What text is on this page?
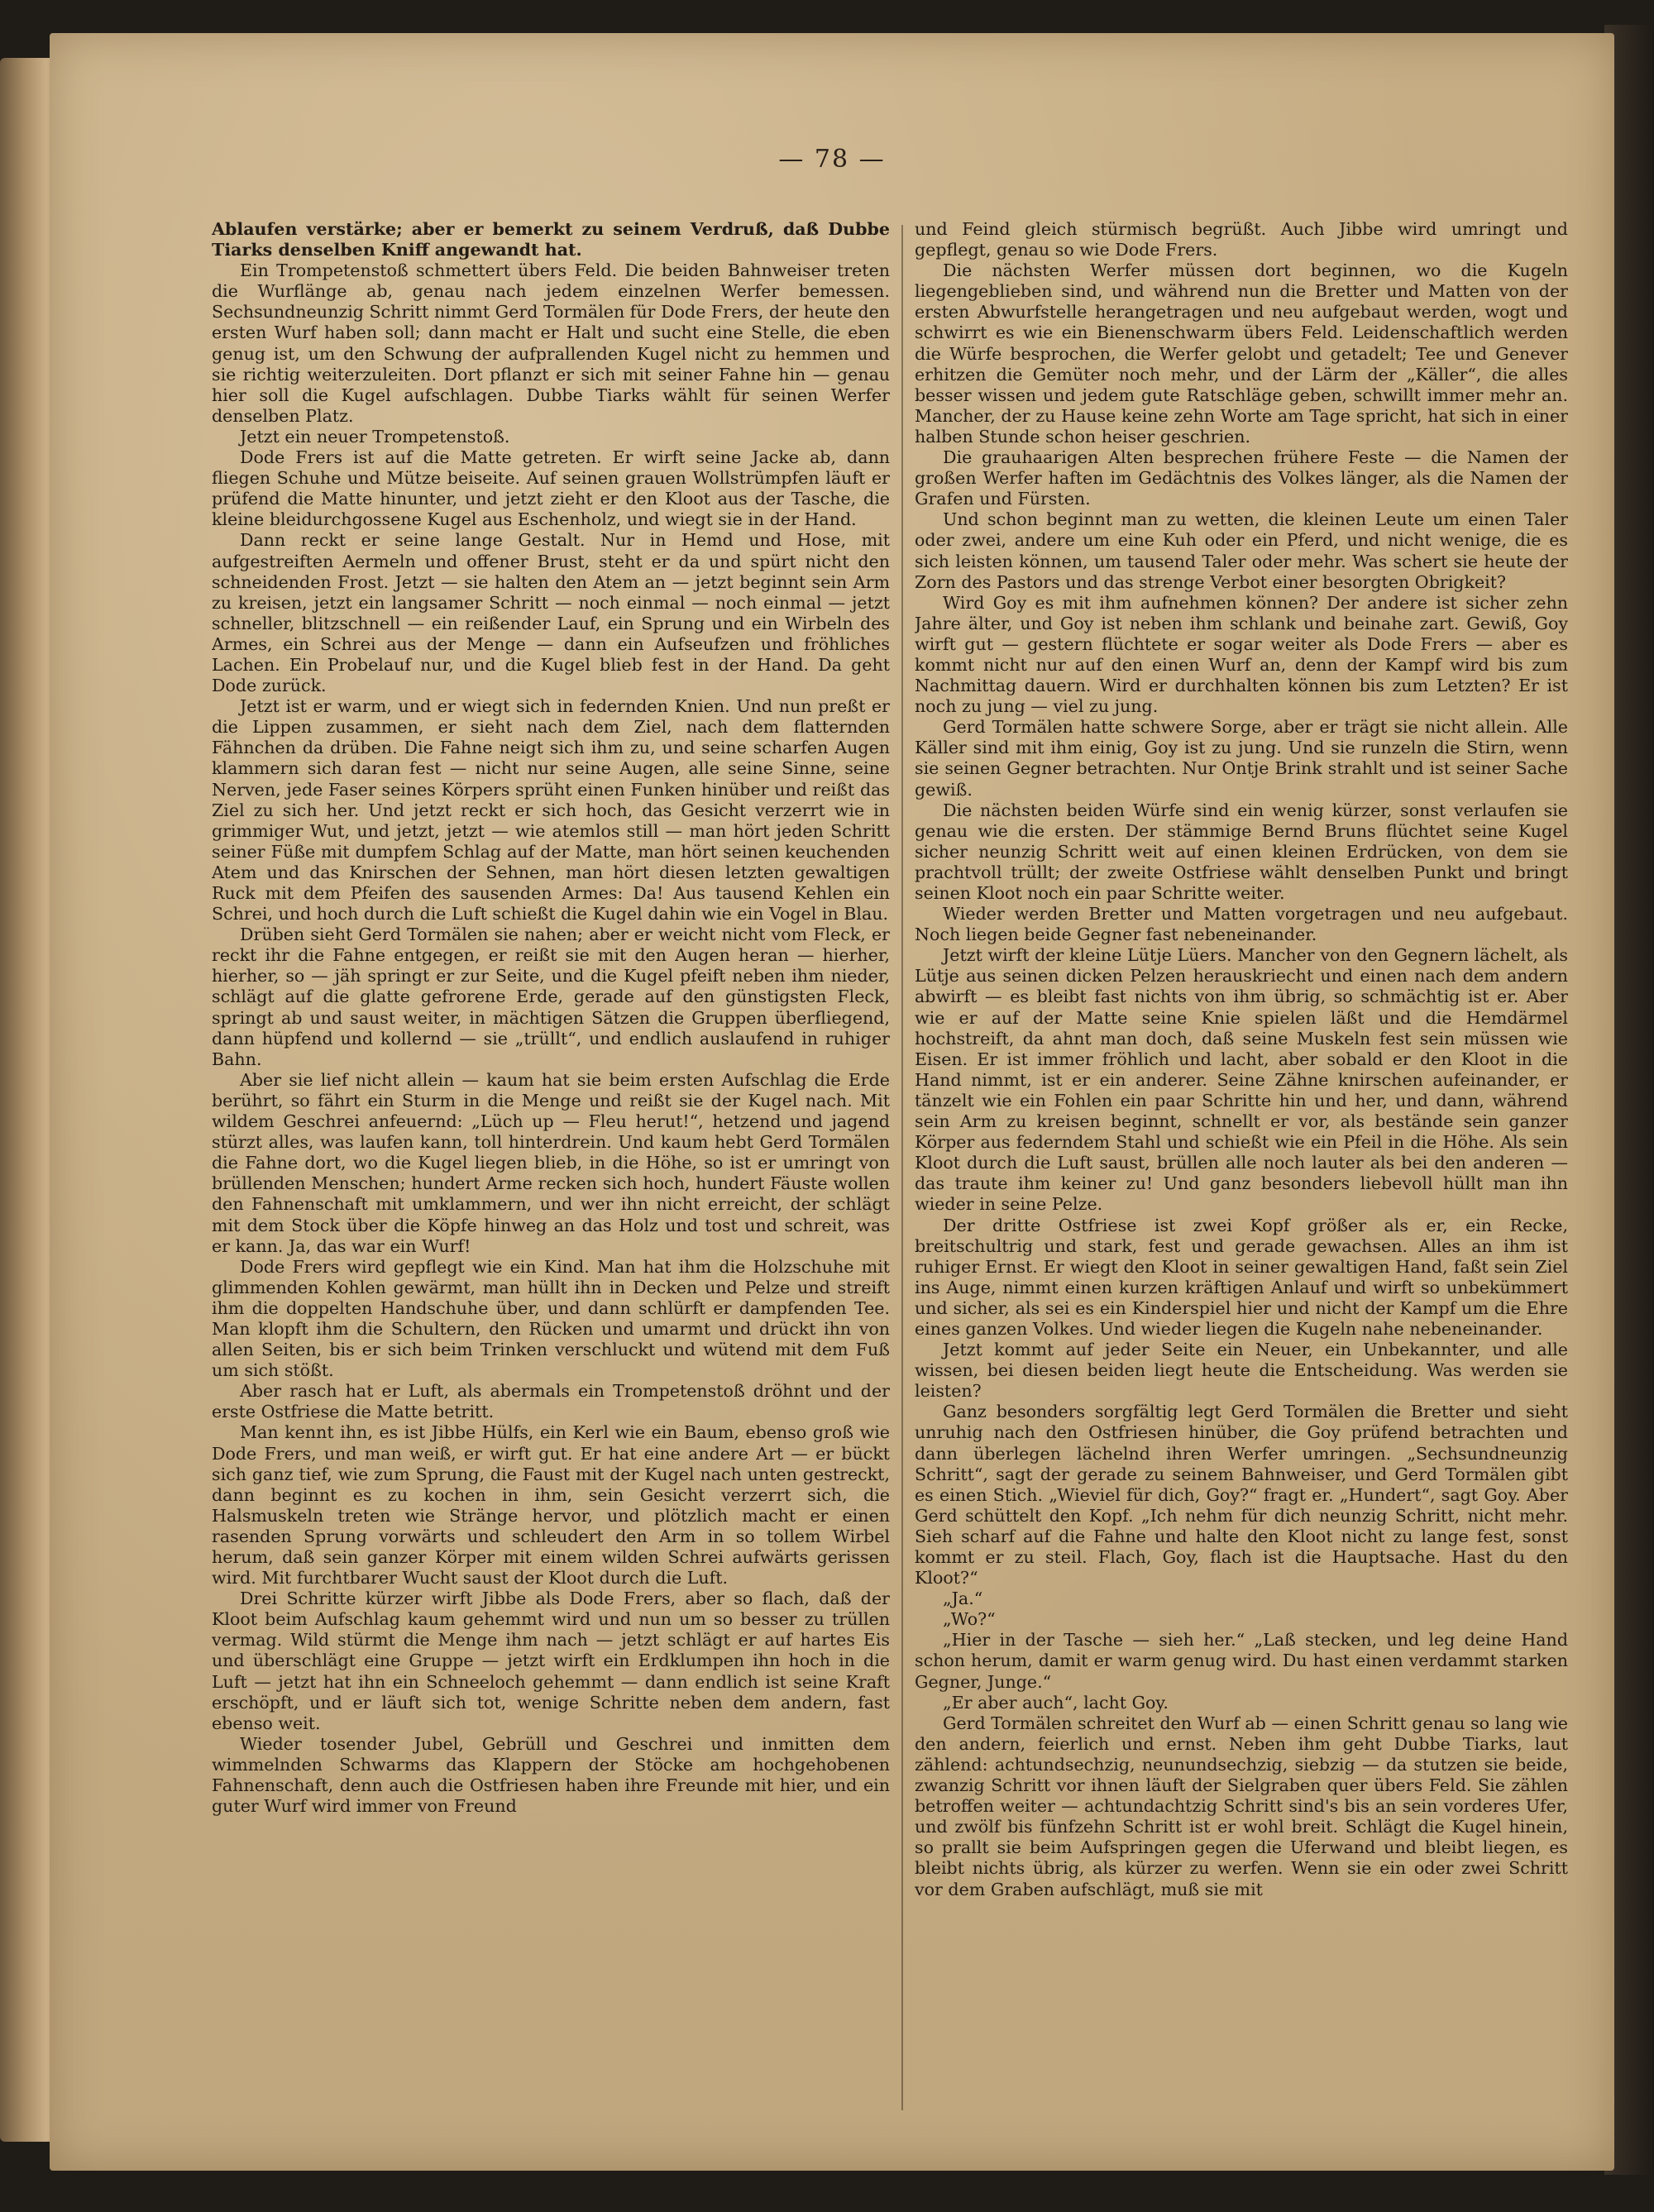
— 78 —

Ablaufen verstärke; aber er bemerkt zu seinem Verdruß, daß Dubbe Tiarks denselben Kniff angewandt hat.

Ein Trompetenstoß schmettert übers Feld. Die beiden Bahnweiser treten die Wurflänge ab, genau nach jedem einzelnen Werfer bemessen. Sechsundneunzig Schritt nimmt Gerd Tormälen für Dode Frers, der heute den ersten Wurf haben soll; dann macht er Halt und sucht eine Stelle, die eben genug ist, um den Schwung der aufprallenden Kugel nicht zu hemmen und sie richtig weiterzuleiten. Dort pflanzt er sich mit seiner Fahne hin — genau hier soll die Kugel aufschlagen. Dubbe Tiarks wählt für seinen Werfer denselben Platz.

Jetzt ein neuer Trompetenstoß.

Dode Frers ist auf die Matte getreten. Er wirft seine Jacke ab, dann fliegen Schuhe und Mütze beiseite. Auf seinen grauen Wollstrümpfen läuft er prüfend die Matte hinunter, und jetzt zieht er den Kloot aus der Tasche, die kleine bleidurchgossene Kugel aus Eschenholz, und wiegt sie in der Hand.

Dann reckt er seine lange Gestalt. Nur in Hemd und Hose, mit aufgestreiften Aermeln und offener Brust, steht er da und spürt nicht den schneidenden Frost. Jetzt — sie halten den Atem an — jetzt beginnt sein Arm zu kreisen, jetzt ein langsamer Schritt — noch einmal — noch einmal — jetzt schneller, blitzschnell — ein reißender Lauf, ein Sprung und ein Wirbeln des Armes, ein Schrei aus der Menge — dann ein Aufseufzen und fröhliches Lachen. Ein Probelauf nur, und die Kugel blieb fest in der Hand. Da geht Dode zurück.

Jetzt ist er warm, und er wiegt sich in federnden Knien. Und nun preßt er die Lippen zusammen, er sieht nach dem Ziel, nach dem flatternden Fähnchen da drüben. Die Fahne neigt sich ihm zu, und seine scharfen Augen klammern sich daran fest — nicht nur seine Augen, alle seine Sinne, seine Nerven, jede Faser seines Körpers sprüht einen Funken hinüber und reißt das Ziel zu sich her. Und jetzt reckt er sich hoch, das Gesicht verzerrt wie in grimmiger Wut, und jetzt, jetzt — wie atemlos still — man hört jeden Schritt seiner Füße mit dumpfem Schlag auf der Matte, man hört seinen keuchenden Atem und das Knirschen der Sehnen, man hört diesen letzten gewaltigen Ruck mit dem Pfeifen des sausenden Armes: Da! Aus tausend Kehlen ein Schrei, und hoch durch die Luft schießt die Kugel dahin wie ein Vogel in Blau.

Drüben sieht Gerd Tormälen sie nahen; aber er weicht nicht vom Fleck, er reckt ihr die Fahne entgegen, er reißt sie mit den Augen heran — hierher, hierher, so — jäh springt er zur Seite, und die Kugel pfeift neben ihm nieder, schlägt auf die glatte gefrorene Erde, gerade auf den günstigsten Fleck, springt ab und saust weiter, in mächtigen Sätzen die Gruppen überfliegend, dann hüpfend und kollernd — sie „trüllt“, und endlich auslaufend in ruhiger Bahn.

Aber sie lief nicht allein — kaum hat sie beim ersten Aufschlag die Erde berührt, so fährt ein Sturm in die Menge und reißt sie der Kugel nach. Mit wildem Geschrei anfeuernd: „Lüch up — Fleu herut!“, hetzend und jagend stürzt alles, was laufen kann, toll hinterdrein. Und kaum hebt Gerd Tormälen die Fahne dort, wo die Kugel liegen blieb, in die Höhe, so ist er umringt von brüllenden Menschen; hundert Arme recken sich hoch, hundert Fäuste wollen den Fahnenschaft mit umklammern, und wer ihn nicht erreicht, der schlägt mit dem Stock über die Köpfe hinweg an das Holz und tost und schreit, was er kann. Ja, das war ein Wurf!

Dode Frers wird gepflegt wie ein Kind. Man hat ihm die Holzschuhe mit glimmenden Kohlen gewärmt, man hüllt ihn in Decken und Pelze und streift ihm die doppelten Handschuhe über, und dann schlürft er dampfenden Tee. Man klopft ihm die Schultern, den Rücken und umarmt und drückt ihn von allen Seiten, bis er sich beim Trinken verschluckt und wütend mit dem Fuß um sich stößt.

Aber rasch hat er Luft, als abermals ein Trompetenstoß dröhnt und der erste Ostfriese die Matte betritt.

Man kennt ihn, es ist Jibbe Hülfs, ein Kerl wie ein Baum, ebenso groß wie Dode Frers, und man weiß, er wirft gut. Er hat eine andere Art — er bückt sich ganz tief, wie zum Sprung, die Faust mit der Kugel nach unten gestreckt, dann beginnt es zu kochen in ihm, sein Gesicht verzerrt sich, die Halsmuskeln treten wie Stränge hervor, und plötzlich macht er einen rasenden Sprung vorwärts und schleudert den Arm in so tollem Wirbel herum, daß sein ganzer Körper mit einem wilden Schrei aufwärts gerissen wird. Mit furchtbarer Wucht saust der Kloot durch die Luft.

Drei Schritte kürzer wirft Jibbe als Dode Frers, aber so flach, daß der Kloot beim Aufschlag kaum gehemmt wird und nun um so besser zu trüllen vermag. Wild stürmt die Menge ihm nach — jetzt schlägt er auf hartes Eis und überschlägt eine Gruppe — jetzt wirft ein Erdklumpen ihn hoch in die Luft — jetzt hat ihn ein Schneeloch gehemmt — dann endlich ist seine Kraft erschöpft, und er läuft sich tot, wenige Schritte neben dem andern, fast ebenso weit.

Wieder tosender Jubel, Gebrüll und Geschrei und inmitten dem wimmelnden Schwarms das Klappern der Stöcke am hochgehobenen Fahnenschaft, denn auch die Ostfriesen haben ihre Freunde mit hier, und ein guter Wurf wird immer von Freund

und Feind gleich stürmisch begrüßt. Auch Jibbe wird umringt und gepflegt, genau so wie Dode Frers.

Die nächsten Werfer müssen dort beginnen, wo die Kugeln liegengeblieben sind, und während nun die Bretter und Matten von der ersten Abwurfstelle herangetragen und neu aufgebaut werden, wogt und schwirrt es wie ein Bienenschwarm übers Feld. Leidenschaftlich werden die Würfe besprochen, die Werfer gelobt und getadelt; Tee und Genever erhitzen die Gemüter noch mehr, und der Lärm der „Käller“, die alles besser wissen und jedem gute Ratschläge geben, schwillt immer mehr an. Mancher, der zu Hause keine zehn Worte am Tage spricht, hat sich in einer halben Stunde schon heiser geschrien.

Die grauhaarigen Alten besprechen frühere Feste — die Namen der großen Werfer haften im Gedächtnis des Volkes länger, als die Namen der Grafen und Fürsten.

Und schon beginnt man zu wetten, die kleinen Leute um einen Taler oder zwei, andere um eine Kuh oder ein Pferd, und nicht wenige, die es sich leisten können, um tausend Taler oder mehr. Was schert sie heute der Zorn des Pastors und das strenge Verbot einer besorgten Obrigkeit?

Wird Goy es mit ihm aufnehmen können? Der andere ist sicher zehn Jahre älter, und Goy ist neben ihm schlank und beinahe zart. Gewiß, Goy wirft gut — gestern flüchtete er sogar weiter als Dode Frers — aber es kommt nicht nur auf den einen Wurf an, denn der Kampf wird bis zum Nachmittag dauern. Wird er durchhalten können bis zum Letzten? Er ist noch zu jung — viel zu jung.

Gerd Tormälen hatte schwere Sorge, aber er trägt sie nicht allein. Alle Käller sind mit ihm einig, Goy ist zu jung. Und sie runzeln die Stirn, wenn sie seinen Gegner betrachten. Nur Ontje Brink strahlt und ist seiner Sache gewiß.

Die nächsten beiden Würfe sind ein wenig kürzer, sonst verlaufen sie genau wie die ersten. Der stämmige Bernd Bruns flüchtet seine Kugel sicher neunzig Schritt weit auf einen kleinen Erdrücken, von dem sie prachtvoll trüllt; der zweite Ostfriese wählt denselben Punkt und bringt seinen Kloot noch ein paar Schritte weiter.

Wieder werden Bretter und Matten vorgetragen und neu aufgebaut. Noch liegen beide Gegner fast nebeneinander.

Jetzt wirft der kleine Lütje Lüers. Mancher von den Gegnern lächelt, als Lütje aus seinen dicken Pelzen herauskriecht und einen nach dem andern abwirft — es bleibt fast nichts von ihm übrig, so schmächtig ist er. Aber wie er auf der Matte seine Knie spielen läßt und die Hemdärmel hochstreift, da ahnt man doch, daß seine Muskeln fest sein müssen wie Eisen. Er ist immer fröhlich und lacht, aber sobald er den Kloot in die Hand nimmt, ist er ein anderer. Seine Zähne knirschen aufeinander, er tänzelt wie ein Fohlen ein paar Schritte hin und her, und dann, während sein Arm zu kreisen beginnt, schnellt er vor, als bestände sein ganzer Körper aus federndem Stahl und schießt wie ein Pfeil in die Höhe. Als sein Kloot durch die Luft saust, brüllen alle noch lauter als bei den anderen — das traute ihm keiner zu! Und ganz besonders liebevoll hüllt man ihn wieder in seine Pelze.

Der dritte Ostfriese ist zwei Kopf größer als er, ein Recke, breitschultrig und stark, fest und gerade gewachsen. Alles an ihm ist ruhiger Ernst. Er wiegt den Kloot in seiner gewaltigen Hand, faßt sein Ziel ins Auge, nimmt einen kurzen kräftigen Anlauf und wirft so unbekümmert und sicher, als sei es ein Kinderspiel hier und nicht der Kampf um die Ehre eines ganzen Volkes. Und wieder liegen die Kugeln nahe nebeneinander.

Jetzt kommt auf jeder Seite ein Neuer, ein Unbekannter, und alle wissen, bei diesen beiden liegt heute die Entscheidung. Was werden sie leisten?

Ganz besonders sorgfältig legt Gerd Tormälen die Bretter und sieht unruhig nach den Ostfriesen hinüber, die Goy prüfend betrachten und dann überlegen lächelnd ihren Werfer umringen. „Sechsundneunzig Schritt“, sagt der gerade zu seinem Bahnweiser, und Gerd Tormälen gibt es einen Stich. „Wieviel für dich, Goy?“ fragt er. „Hundert“, sagt Goy. Aber Gerd schüttelt den Kopf. „Ich nehm für dich neunzig Schritt, nicht mehr. Sieh scharf auf die Fahne und halte den Kloot nicht zu lange fest, sonst kommt er zu steil. Flach, Goy, flach ist die Hauptsache. Hast du den Kloot?“

„Ja.“

„Wo?“

„Hier in der Tasche — sieh her.“ „Laß stecken, und leg deine Hand schon herum, damit er warm genug wird. Du hast einen verdammt starken Gegner, Junge.“

„Er aber auch“, lacht Goy.

Gerd Tormälen schreitet den Wurf ab — einen Schritt genau so lang wie den andern, feierlich und ernst. Neben ihm geht Dubbe Tiarks, laut zählend: achtundsechzig, neunundsechzig, siebzig — da stutzen sie beide, zwanzig Schritt vor ihnen läuft der Sielgraben quer übers Feld. Sie zählen betroffen weiter — achtundachtzig Schritt sind's bis an sein vorderes Ufer, und zwölf bis fünfzehn Schritt ist er wohl breit. Schlägt die Kugel hinein, so prallt sie beim Aufspringen gegen die Uferwand und bleibt liegen, es bleibt nichts übrig, als kürzer zu werfen. Wenn sie ein oder zwei Schritt vor dem Graben aufschlägt, muß sie mit
